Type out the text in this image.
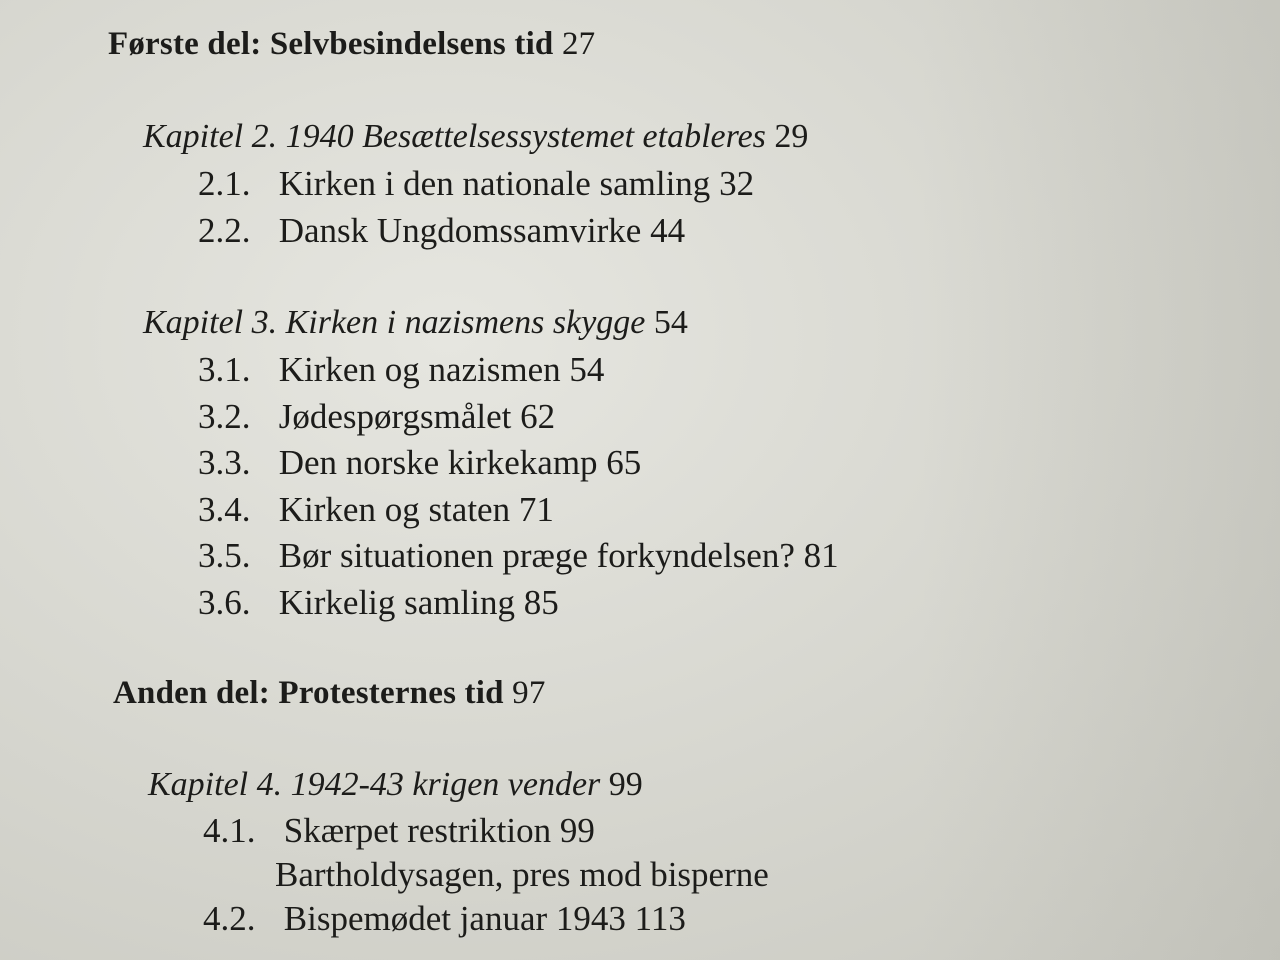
Første del: Selvbesindelsens tid 27
Kapitel 2. 1940 Besættelsessystemet etableres 29
2.1. Kirken i den nationale samling 32
2.2. Dansk Ungdomssamvirke 44
Kapitel 3. Kirken i nazismens skygge 54
3.1. Kirken og nazismen 54
3.2. Jødespørgsmålet 62
3.3. Den norske kirkekamp 65
3.4. Kirken og staten 71
3.5. Bør situationen præge forkyndelsen? 81
3.6. Kirkelig samling 85
Anden del: Protesternes tid 97
Kapitel 4. 1942-43 krigen vender 99
4.1. Skærpet restriktion 99
Bartholdysagen, pres mod bisperne
4.2. Bispemødet januar 1943 113
